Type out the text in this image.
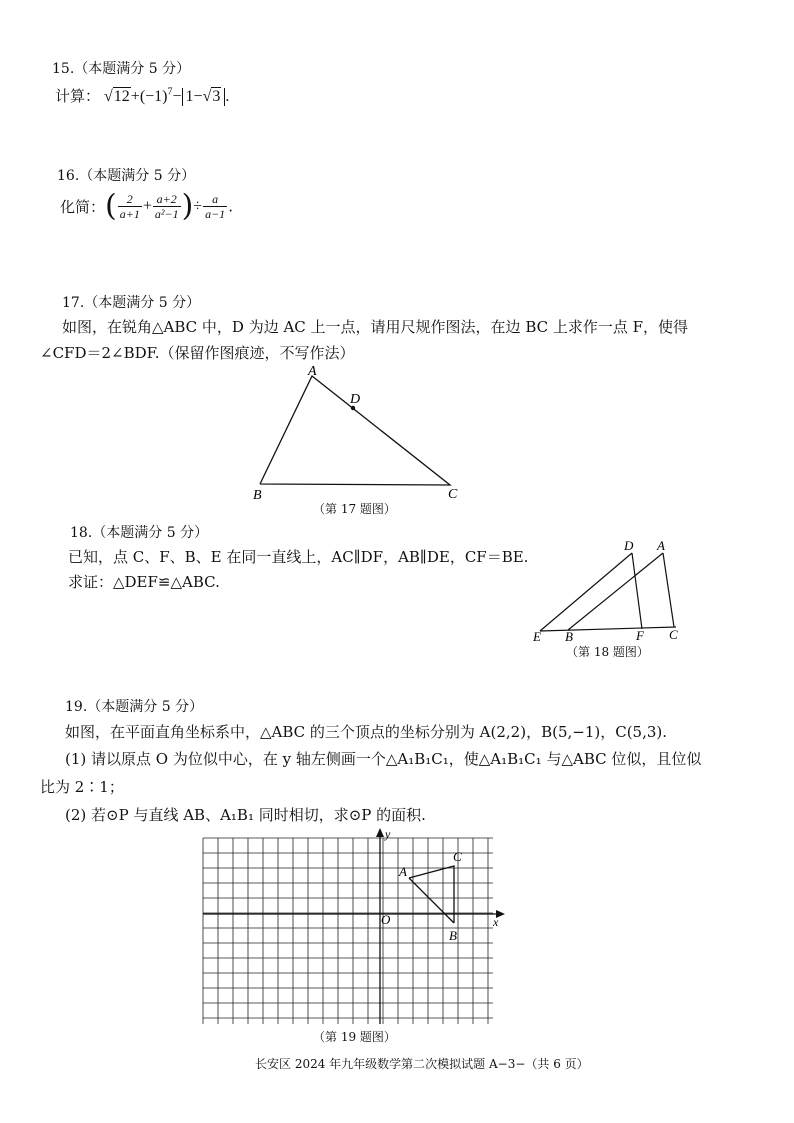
15.（本题满分 5 分）
计算： $√12+(-1)^7- 1-√3$ .
16.（本题满分 5 分）
化简：( $\frac{2}{a+1} + \frac{a+2}{\text{a²−1}}$ )÷ $\frac{a}{a-1}$ .
17.（本题满分 5 分）
如图，在锐角△ABC 中，D 为边 AC 上一点，请用尺规作图法，在边 BC 上求作一点 F，使得
∠CFD＝2∠BDF.（保留作图痕迹，不写作法）
A
D
B	C
（第 17 题图）
18.（本题满分 5 分）
已知，点 C、F、B、E 在同一直线上，AC∥DF，AB∥DE，CF＝BE.
求证：△DEF≌△ABC.
D A
E B	F C
（第 18 题图）
19.（本题满分 5 分）
如图，在平面直角坐标系中，△ABC 的三个顶点的坐标分别为 A(2,2)，B(5,−1)，C(5,3).
(1) 请以原点 O 为位似中心，在 y 轴左侧画一个△A₁B₁C₁，使△A₁B₁C₁ 与△ABC 位似，且位似
比为 2∶1；
(2) 若⊙P 与直线 AB、A₁B₁ 同时相切，求⊙P 的面积.
A
C
B
O	x
y
（第 19 题图）
长安区 2024 年九年级数学第二次模拟试题 A−3−（共 6 页）
